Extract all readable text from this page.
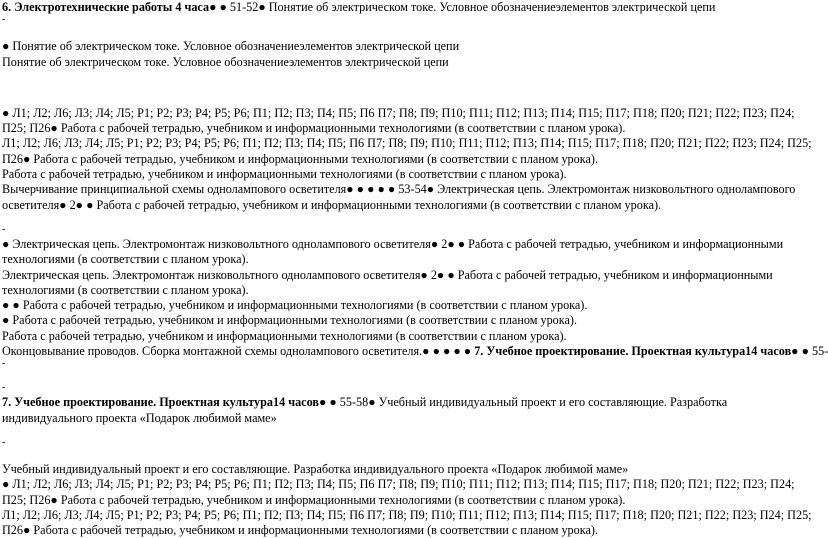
6. Электротехнические работы 4 часа● ● 51-52● Понятие об электрическом токе. Условное обозначениеэлементов электрической цепи
-
● Понятие об электрическом токе. Условное обозначениеэлементов электрической цепи
Понятие об электрическом токе. Условное обозначениеэлементов электрической цепи
● Л1; Л2; Л6; Л3; Л4; Л5; Р1; Р2; Р3; Р4; Р5; Р6; П1; П2; П3; П4; П5; П6 П7; П8; П9; П10; П11; П12; П13; П14; П15; П17; П18; П20; П21; П22; П23; П24; П25; П26● Работа с рабочей тетрадью, учебником и информационными технологиями (в соответствии с планом урока).
Л1; Л2; Л6; Л3; Л4; Л5; Р1; Р2; Р3; Р4; Р5; Р6; П1; П2; П3; П4; П5; П6 П7; П8; П9; П10; П11; П12; П13; П14; П15; П17; П18; П20; П21; П22; П23; П24; П25; П26● Работа с рабочей тетрадью, учебником и информационными технологиями (в соответствии с планом урока).
Работа с рабочей тетрадью, учебником и информационными технологиями (в соответствии с планом урока).
Вычерчивание принципиальной схемы однолампового осветителя● ● ● ● ● 53-54● Электрическая цепь. Электромонтаж низковольтного однолампового осветителя● 2● ● Работа с рабочей тетрадью, учебником и информационными технологиями (в соответствии с планом урока).
-
● Электрическая цепь. Электромонтаж низковольтного однолампового осветителя● 2● ● Работа с рабочей тетрадью, учебником и информационными технологиями (в соответствии с планом урока).
Электрическая цепь. Электромонтаж низковольтного однолампового осветителя● 2● ● Работа с рабочей тетрадью, учебником и информационными технологиями (в соответствии с планом урока).
● ● Работа с рабочей тетрадью, учебником и информационными технологиями (в соответствии с планом урока).
● Работа с рабочей тетрадью, учебником и информационными технологиями (в соответствии с планом урока).
Работа с рабочей тетрадью, учебником и информационными технологиями (в соответствии с планом урока).
Оконцовывание проводов. Сборка монтажной схемы однолампового осветителя.● ● ● ● ● 7. Учебное проектирование. Проектная культура14 часов● ● 55-
-
-
7. Учебное проектирование. Проектная культура14 часов● ● 55-58● Учебный индивидуальный проект и его составляющие. Разработка индивидуального проекта «Подарок любимой маме»
-
Учебный индивидуальный проект и его составляющие. Разработка индивидуального проекта «Подарок любимой маме»
● Л1; Л2; Л6; Л3; Л4; Л5; Р1; Р2; Р3; Р4; Р5; Р6; П1; П2; П3; П4; П5; П6 П7; П8; П9; П10; П11; П12; П13; П14; П15; П17; П18; П20; П21; П22; П23; П24; П25; П26● Работа с рабочей тетрадью, учебником и информационными технологиями (в соответствии с планом урока).
Л1; Л2; Л6; Л3; Л4; Л5; Р1; Р2; Р3; Р4; Р5; Р6; П1; П2; П3; П4; П5; П6 П7; П8; П9; П10; П11; П12; П13; П14; П15; П17; П18; П20; П21; П22; П23; П24; П25; П26● Работа с рабочей тетрадью, учебником и информационными технологиями (в соответствии с планом урока).
